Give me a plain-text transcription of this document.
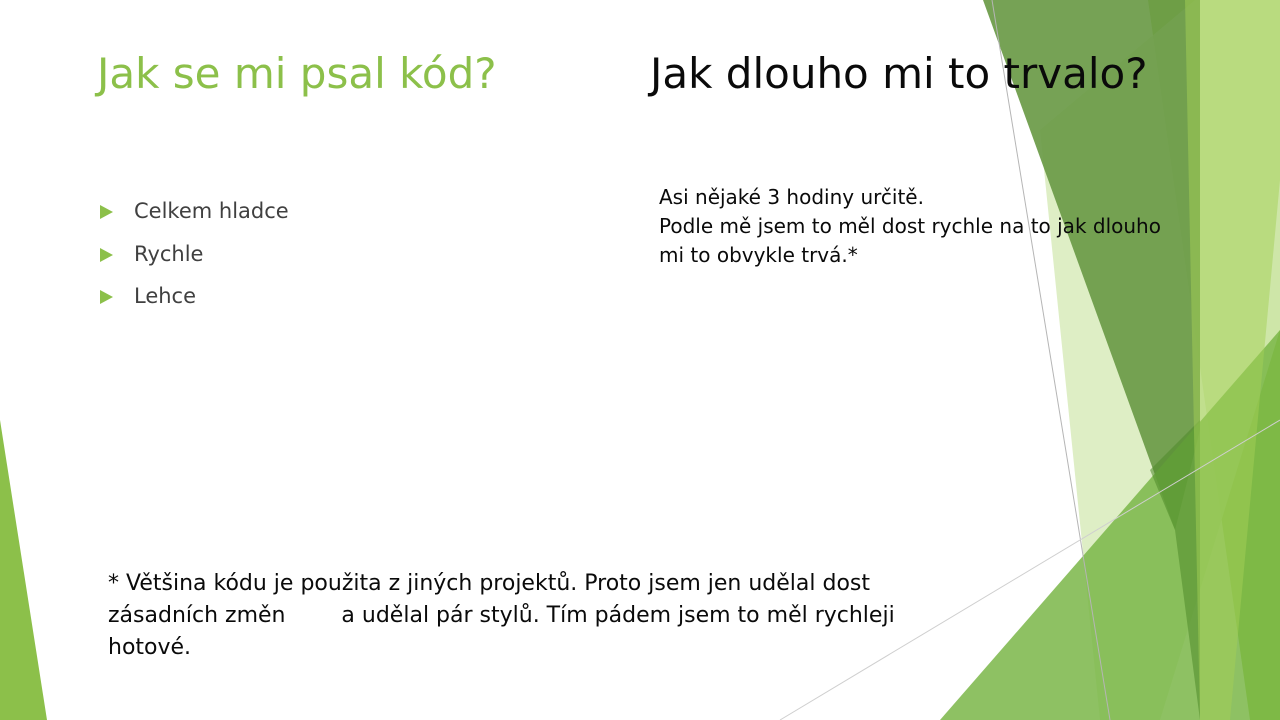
Jak se mi psal kód?	Jak dlouho mi to trvalo?
Celkem hladce
Rychle
Lehce

Asi nějaké 3 hodiny určitě.

Podle mě jsem to měl dost rychle na to jak dlouho

mi to obvykle trvá.*

* Většina kódu je použita z jiných projektů. Proto jsem jen udělal dost

zásadních změn        a udělal pár stylů. Tím pádem jsem to měl rychleji

hotové.
